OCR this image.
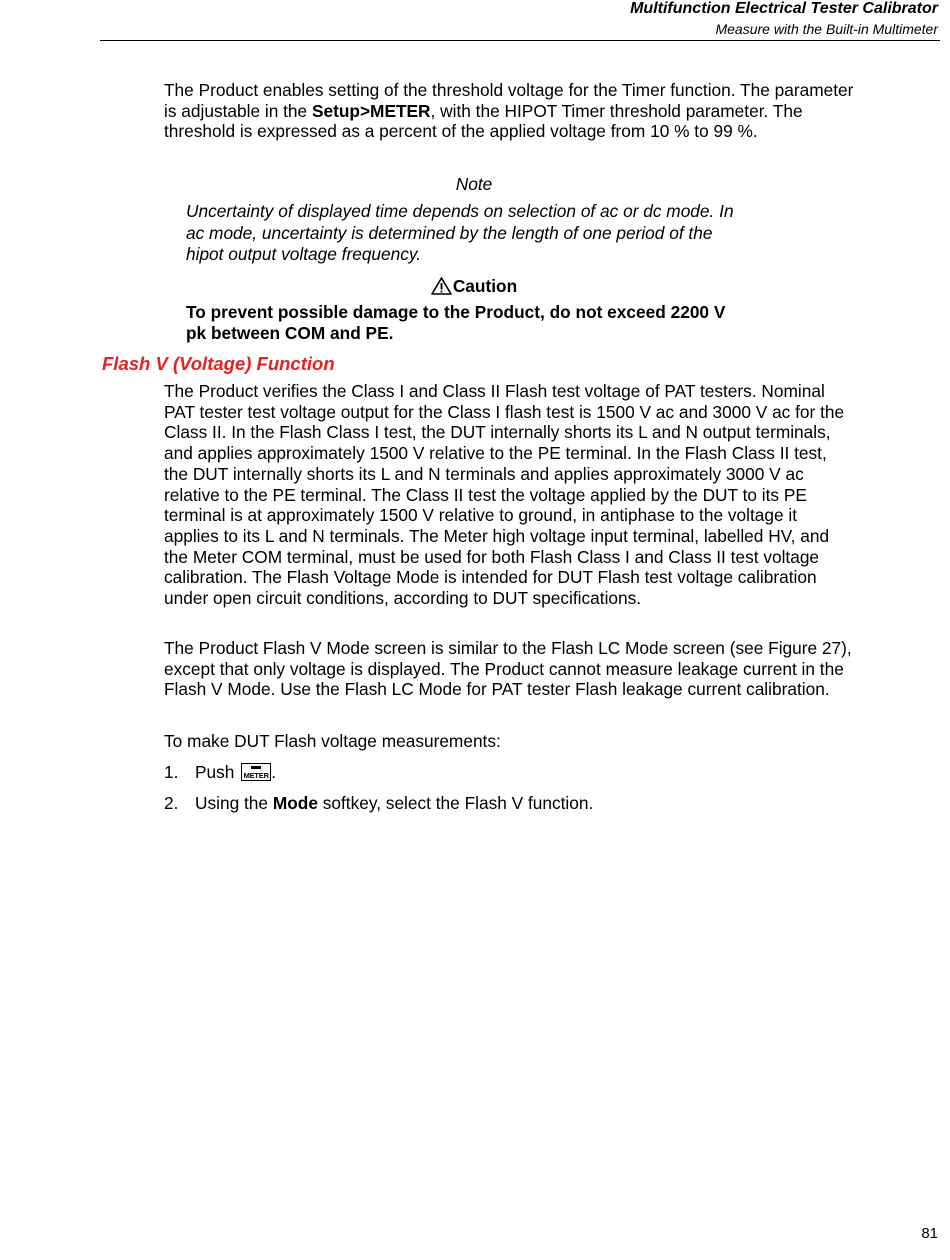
Multifunction Electrical Tester Calibrator
Measure with the Built-in Multimeter

The Product enables setting of the threshold voltage for the Timer function. The parameter is adjustable in the Setup>METER, with the HIPOT Timer threshold parameter. The threshold is expressed as a percent of the applied voltage from 10 % to 99 %.

Note
Uncertainty of displayed time depends on selection of ac or dc mode. In ac mode, uncertainty is determined by the length of one period of the hipot output voltage frequency.
Caution
To prevent possible damage to the Product, do not exceed 2200 V pk between COM and PE.
Flash V (Voltage) Function

The Product verifies the Class I and Class II Flash test voltage of PAT testers. Nominal PAT tester test voltage output for the Class I flash test is 1500 V ac and 3000 V ac for the Class II. In the Flash Class I test, the DUT internally shorts its L and N output terminals, and applies approximately 1500 V relative to the PE terminal. In the Flash Class II test, the DUT internally shorts its L and N terminals and applies approximately 3000 V ac relative to the PE terminal. The Class II test the voltage applied by the DUT to its PE terminal is at approximately 1500 V relative to ground, in antiphase to the voltage it applies to its L and N terminals. The Meter high voltage input terminal, labelled HV, and the Meter COM terminal, must be used for both Flash Class I and Class II test voltage calibration. The Flash Voltage Mode is intended for DUT Flash test voltage calibration under open circuit conditions, according to DUT specifications.

The Product Flash V Mode screen is similar to the Flash LC Mode screen (see Figure 27), except that only voltage is displayed. The Product cannot measure leakage current in the Flash V Mode. Use the Flash LC Mode for PAT tester Flash leakage current calibration.

To make DUT Flash voltage measurements:

1. Push METER .
2. Using the Mode softkey, select the Flash V function.
81
